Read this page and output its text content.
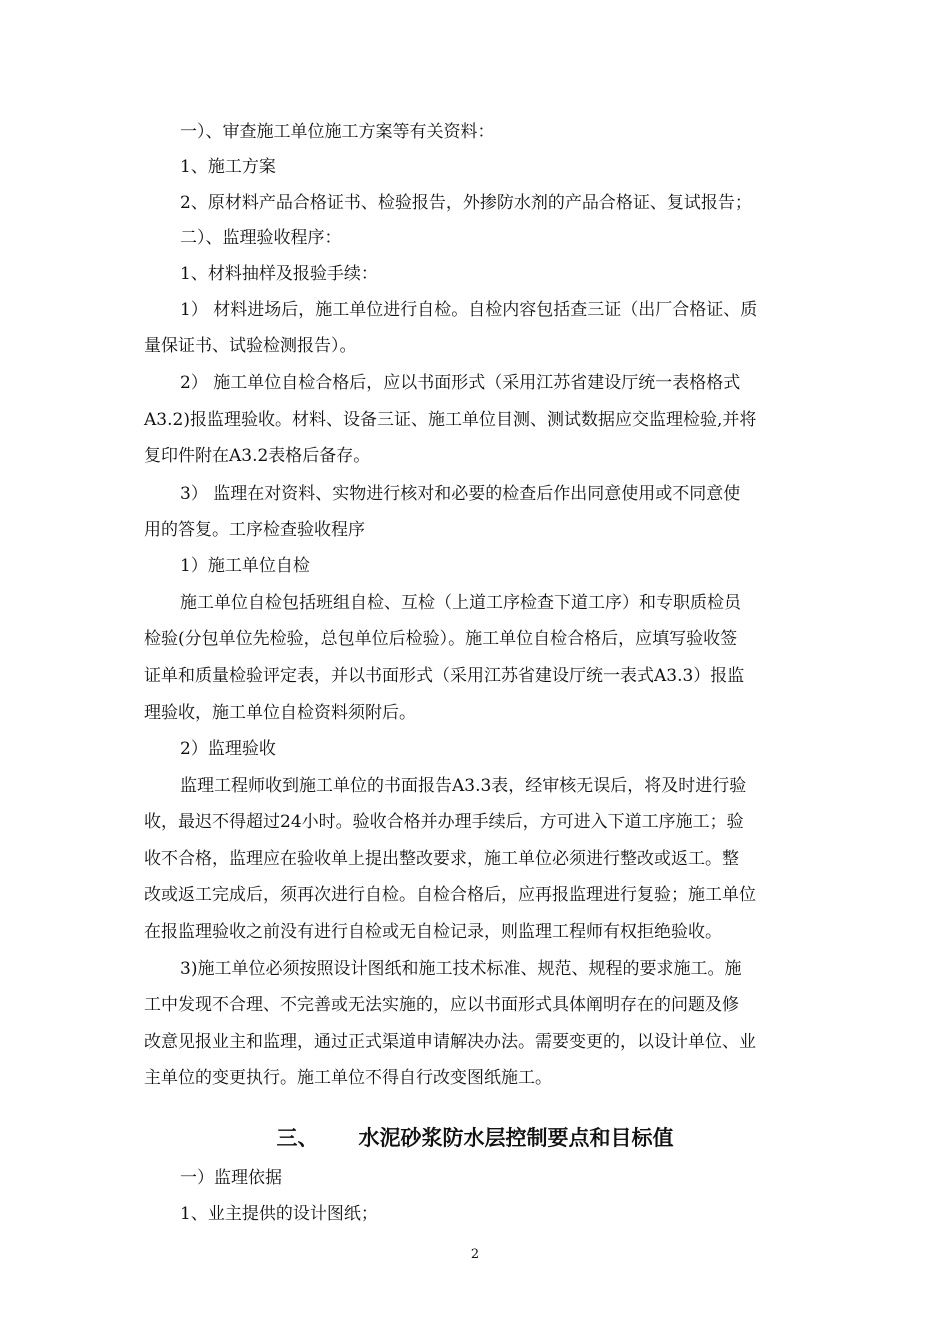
一）、审查施工单位施工方案等有关资料：
1、施工方案
2、原材料产品合格证书、检验报告，外掺防水剂的产品合格证、复试报告；
二）、监理验收程序：
1、材料抽样及报验手续：
1） 材料进场后，施工单位进行自检。自检内容包括查三证（出厂合格证、质
量保证书、试验检测报告）。
2） 施工单位自检合格后，应以书面形式（采用江苏省建设厅统一表格格式
A3.2)报监理验收。材料、设备三证、施工单位目测、测试数据应交监理检验,并将
复印件附在A3.2表格后备存。
3） 监理在对资料、实物进行核对和必要的检查后作出同意使用或不同意使
用的答复。工序检查验收程序
1）施工单位自检
施工单位自检包括班组自检、互检（上道工序检查下道工序）和专职质检员
检验(分包单位先检验，总包单位后检验）。施工单位自检合格后，应填写验收签
证单和质量检验评定表，并以书面形式（采用江苏省建设厅统一表式A3.3）报监
理验收，施工单位自检资料须附后。
2）监理验收
监理工程师收到施工单位的书面报告A3.3表，经审核无误后，将及时进行验
收，最迟不得超过24小时。验收合格并办理手续后，方可进入下道工序施工；验
收不合格，监理应在验收单上提出整改要求，施工单位必须进行整改或返工。整
改或返工完成后，须再次进行自检。自检合格后，应再报监理进行复验；施工单位
在报监理验收之前没有进行自检或无自检记录，则监理工程师有权拒绝验收。
3)施工单位必须按照设计图纸和施工技术标准、规范、规程的要求施工。施
工中发现不合理、不完善或无法实施的，应以书面形式具体阐明存在的问题及修
改意见报业主和监理，通过正式渠道申请解决办法。需要变更的，以设计单位、业
主单位的变更执行。施工单位不得自行改变图纸施工。
三、 水泥砂浆防水层控制要点和目标值
一）监理依据
1、业主提供的设计图纸；
2
